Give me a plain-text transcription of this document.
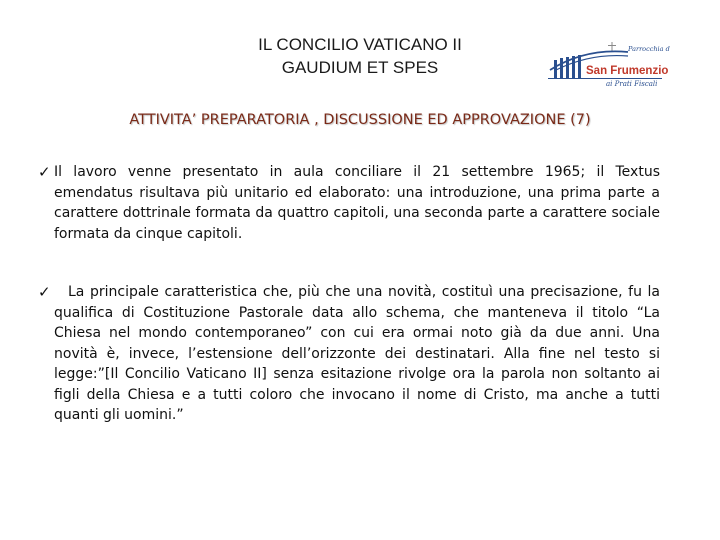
IL CONCILIO VATICANO II
GAUDIUM ET SPES
Parrocchia di
San Frumenzio
ai Prati Fiscali
ATTIVITA’ PREPARATORIA , DISCUSSIONE ED APPROVAZIONE (7)
✓ Il lavoro venne presentato in aula conciliare il 21 settembre 1965; il Textus emendatus risultava più unitario ed elaborato: una introduzione, una prima parte a carattere dottrinale formata da quattro capitoli, una seconda parte a carattere sociale formata da cinque capitoli.
✓	La principale caratteristica che, più che una novità, costituì una precisazione, fu la qualifica di Costituzione Pastorale data allo schema, che manteneva il titolo “La Chiesa nel mondo contemporaneo” con cui era ormai noto già da due anni. Una novità è, invece, l’estensione dell’orizzonte dei destinatari. Alla fine nel testo si legge:”[Il Concilio Vaticano II] senza esitazione rivolge ora la parola non soltanto ai figli della Chiesa e a tutti coloro che invocano il nome di Cristo, ma anche a tutti quanti gli uomini.”
